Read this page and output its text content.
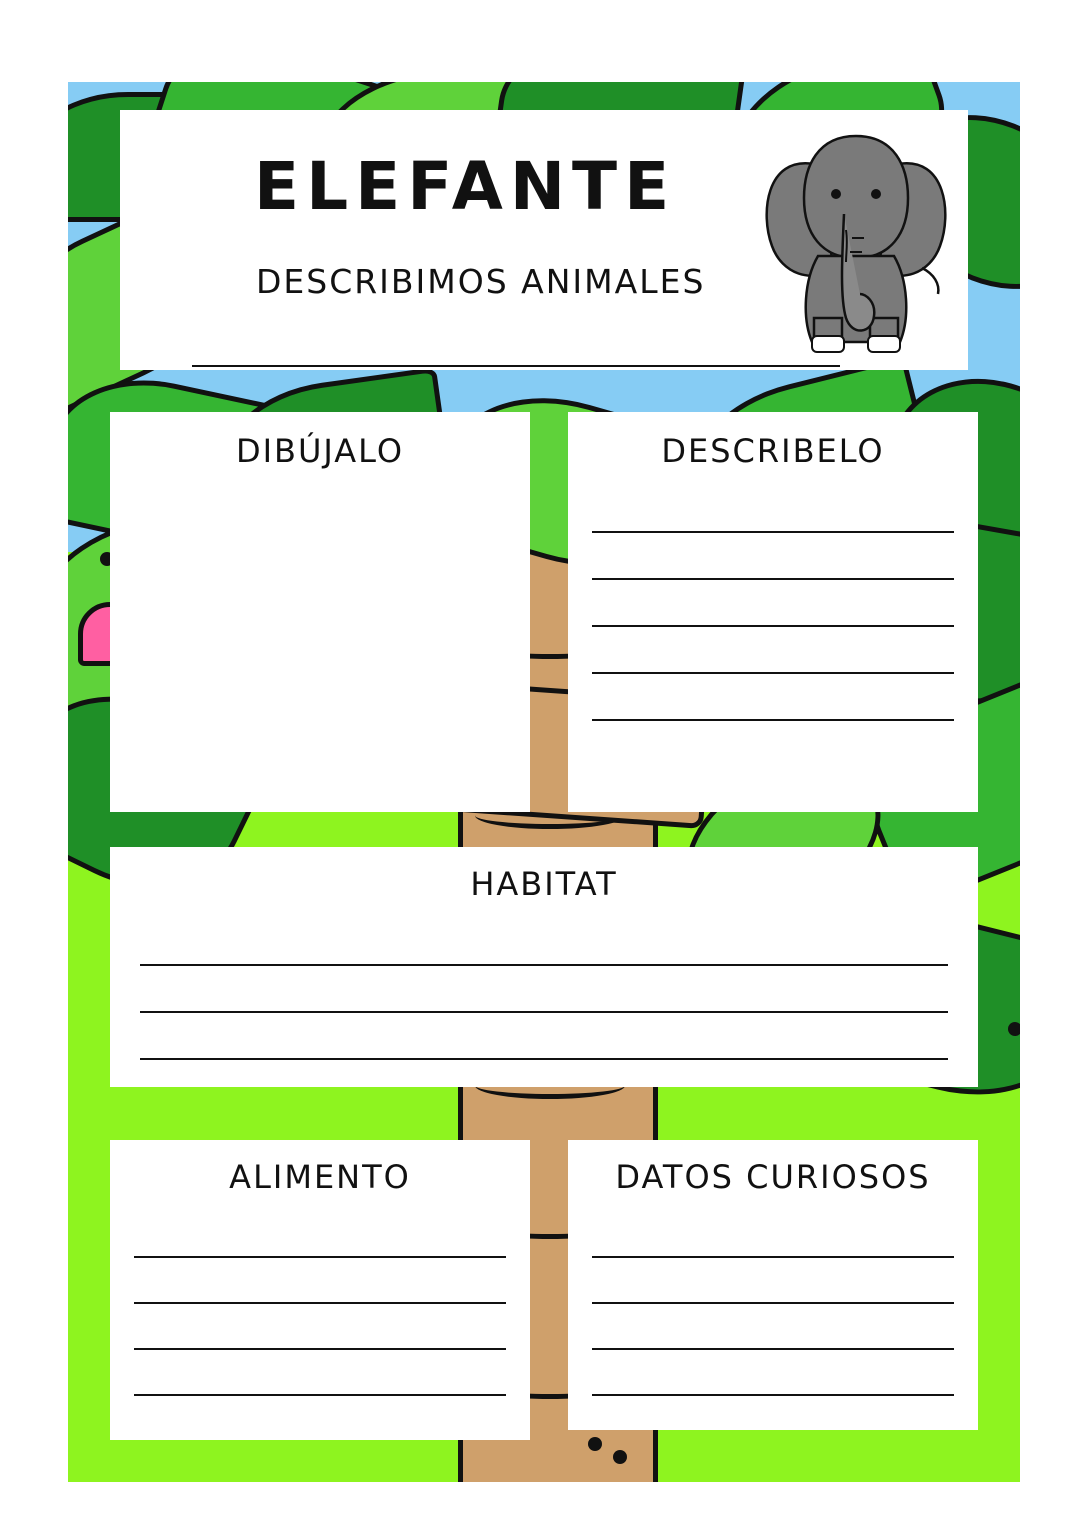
ELEFANTE
DESCRIBIMOS ANIMALES
DIBÚJALO	DESCRIBELO
HABITAT
ALIMENTO	DATOS CURIOSOS
